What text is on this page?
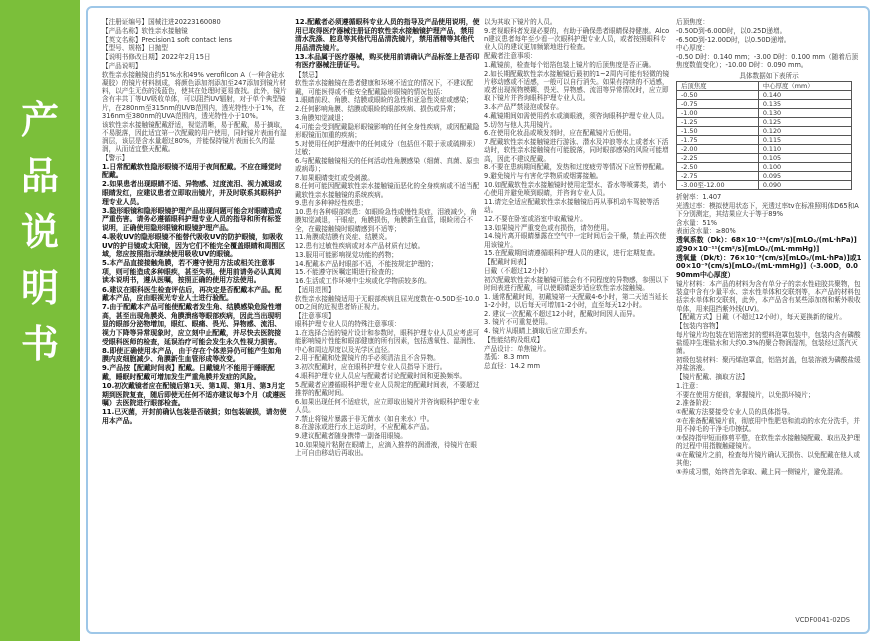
产
品
说
明
书

【注册证编号】国械注进20223160080

【产品名称】软性亲水接触镜

【英文名称】Precision1 soft contact lens

【型号、规格】日抛型

【说明书修改日期】2022年2月15日

【产品说明】

软性亲水接触镜由约51%水和49% verofilcon A（一种含硅水凝胶）的镜片材料制成，将颜色添加剂添加至247添加到镜片材料，以产生无伤的浅蓝色，使其在处理时更易查找。此外，镜片含有丰共丁等UV吸收单体，可以阻挡UV辐射，对于单个典型镜片，在280nm至315nm的UVB范围内，透光特性小于1%，在316nm至380nm的UVA范围内，透光特性小于10%。

该软性亲水接触镜配戴舒适，视觉清晰，易于配戴，易于摘取，不易脱落，因此适宜第一次配戴的用户使用，同时镜片表面有湿润层，该层是含水量超过80%，并能保持镜片表面长久的湿润，从而适宜整天配戴。

【警示】

1.日常配戴软性隐形眼镜不适用于夜间配戴。不应在睡觉时配戴。

2.如果患者出现眼睛不适、异物感、过度流泪、视力减退或眼睛发红，应建议患者立即取出镜片，并及时联系其眼科护理专业人员。

3.隐形眼镜和隐形眼镜护理产品出现问题可能会对眼睛造成严重伤害。请务必遵循眼科护理专业人员的指导和所有标签说明，正确使用隐形眼镜和眼镜护理产品。

4.吸收UV的隐形眼镜不能替代吸收UV的防护眼镜，如吸收UV的护目镜或太阳镜，因为它们不能完全覆盖眼睛和周围区域，您应按照指示继续使用吸收UV的眼镜。

5.本产品直接接触角膜，若不遵守使用方法或相关注意事项，则可能造成多种眼疾，甚至失明。使用前请务必认真阅读本说明书，遵从医嘱，按照正确的使用方法使用。

6.建议在眼科医生检查评估后，再决定是否配戴本产品。配戴本产品，应由眼视光专业人士进行验配。

7.由于配戴本产品可能使配戴者发生角、结膜感染危险性增高，甚至出现角膜炎、角膜溃疡等眼部疾病，因此当出现明显的眼部分泌物增加，眼红、眼痛、畏光、异物感、流泪、视力下降等异常现象时，应立刻中止配戴，并尽快去医院接受眼科医师的检查，延误治疗可能会发生永久性视力损害。

8.即使正确使用本产品，由于存在个体差异仍可能产生如角膜内皮细胞减少、角膜新生血管形成等改变。

9.产品按【配戴时间表】配戴。日戴镜片不能用于睡眠配戴，睡眠时配戴可增加发生严重角膜并发症的风险。

10.初次戴镜者应在配镜后第1天、第1周、第1月、第3月定期到医院复查，随后即使无任何不适亦建议每3个月（或遵医嘱）去医院进行眼部检查。

11.已灭菌，开封前确认包装是否破损；如包装破损，请勿使用本产品。

12.配戴者必须遵循眼科专业人员的指导及产品使用说明，使用已取得医疗器械注册证的软性亲水接触镜护理产品，禁用清水洗涤、腔息等其他代用品清洗镜片，禁用酒精等其他代用品清洗镜片。

13.本品属于医疗器械，购买使用前请确认产品标签上是否印有医疗器械注册证号。

【禁忌】

软性亲水接触镜在患者健康和环境不适宜的情况下，不建议配戴，可能医得或不能安全配戴隐形眼镜的情况包括：

1.眼睛前段、角膜、结膜或眼睑的急性和亚急性炎症或感染；

2.任何影响角膜、结膜或眼睑的眼部疾病、损伤或异常；

3.角膜知觉减退；

4.可能会受到配戴隐形眼镜影响的任何全身性疾病，或因配戴隐形眼镜而加重的疾病；

5.对使用任何护理液中的任何成分（包括但不限于汞或硫柳汞）过敏；

6.与配戴接触镜相关的任何活动性角膜感染（细菌、真菌、原虫或病毒）；

7.如果眼睛变红或受刺激。

8.任何可能因配戴软性亲水接触镜而恶化的全身疾病或不适当配戴软性亲水接触镜的系统疾病。

9.患有多种神经性疾患；

10.患有各种眼部疾患：如眼睑急性或慢性炎症，泪液减少，角膜知觉减退，干眼症，角膜损伤，角膜新生血管，眼睑闭合不全，在戴接触镜时眼睛感到不适等；

11.角膜或结膜有炎症、结膜炎。

12.患有过敏性疾病或对本产品材质有过敏。

13.服用可能影响视觉功能的药物；

14.配戴本产品时眼部不适，不能按规定护理的；

15.不能遵守医嘱定期进行检查的；

16.生活或工作环境中尘埃或化学物质较多的。

【适用范围】

软性亲水接触镜适用于无眼部疾病且屈光度数在-0.50D至-10.00D之间的近视患者矫正视力。

【注意事项】

眼科护理专业人员的特殊注意事项：

1.在选择合适的镜片设计和参数时，眼科护理专业人员应考虑可能影响镜片性能和眼部健康的所有因素，包括透氧性、湿润性、中心和周边厚度以及光学区直径。

2.用于配戴和处置镜片的手必须清洁且不含异物。

3.初次配戴时，应在眼科护理专业人员指导下进行。

4.眼科护理专业人员应与配戴者讨论配戴时间和更换频率。

5.配戴者应遵循眼科护理专业人员规定的配戴时间表，不要超过推荐的配戴时间。

6.如果出现任何不适症状，应立即取出镜片并咨询眼科护理专业人员。

7.禁止将镜片暴露于非无菌水（如自来水）中。

8.在游泳或进行水上运动时，不应配戴本产品。

9.建议配戴者随身携带一副备用眼镜。

10.如果镜片粘附在眼睛上，应滴入推荐的润滑液，待镜片在眼上可自由移动后再取出。

以为其取下镜片的人员。

9.老视眼科者发现必要的，有助于确保患者眼睛保持健康。Alcon建议患者每年至少看一次眼科护理专业人员，或者按照眼科专业人员的建议更加频繁地进行检查。

配戴者注意事项：

1.戴镜前，检查每个铝箔包装上镜片的后顶焦度是否正确。

2.如长期配戴软性亲水接触镜后最初的1~2周内可能有轻微的镜片移动感或不适感，一般可以自行消失。如果有持续的不适感，或者出现视物模糊、畏光、异物感、流泪等异常情况时，应立即取下镜片并咨询眼科护理专业人员。

3.本产品严禁浸泡或保存。

4.戴镜期间如需使用药水或滴眼液，须咨询眼科护理专业人员。

5.切勿与他人共用镜片。

6.在使用化妆品或喷发剂时，应在配戴镜片后使用。

7.配戴软性亲水接触镜进行游泳、潜水及冲浪等水上或者水下活动时，软性亲水接触镜有可能脱落，同时眼部感染的风险可能增高，因此不建议配戴。

8.不要在患病期间配戴，发热和过度疲劳等情况下应暂停配戴。

9.避免镜片与有害化学物质或烟雾接触。

10.如配戴软性亲水接触镜时使用定型水、香水等喷雾类，请小心使用并避免喷到眼睛，并咨询专业人员。

11.请完全适应配戴软性亲水接触镜后再从事机动车驾驶等活动。

12.不要在卧室或浴室中取戴镜片。

13.如果镜片严重变色或有损伤，请勿使用。

14.镜片离开眼睛暴露在空气中一定时间后会干燥，禁止再次使用该镜片。

15.在配戴期间请遵循眼科护理人员的建议，进行定期复查。

【配戴时间表】

日戴（不超过12小时）

初次配戴软性亲水接触镜可能会有不同程度的异物感，参照以下时间表进行配戴，可以使眼睛逐步适应软性亲水接触镜。

1. 通常配戴时间，初戴镜第一天配戴4-6小时，第二天适当延长1-2小时，以后每天可增加1-2小时，直至每天12小时。

2. 建议一次配戴不超过12小时，配戴时间因人而异。

3. 镜片不可重复使用。

4. 镜片从眼睛上摘取后应立即丢弃。

【性能结构及组成】

产品设计：单焦镜片。

基弧：8.3 mm

总直径：14.2 mm

后顶焦度：

-0.50D到-6.00D时，以0.25D递增。

-6.50D到-12.00D时，以0.50D递增。

中心厚度：

-0.50 D时：0.140 mm；-3.00 D时：0.100 mm（随着后顶焦度数值变化）；-10.00 D时：0.090 mm。

具体数据如下表所示
后顶焦度	中心厚度（mm）
-0.50	0.140
-0.75	0.135
-1.00	0.130
-1.25	0.125
-1.50	0.120
-1.75	0.115
-2.00	0.110
-2.25	0.105
-2.50	0.100
-2.75	0.095
-3.00至-12.00	0.090

折射率：1.407

光透过率：模拟使用状态下，光透过率tv在标准照明体D65和A下分别测定，其结果应大于等于89%

含水量：51%

表面含水量：≥80%

透氧系数（Dk）：68×10⁻¹¹(cm²/s)[mLO₂/(mL·hPa)]或90×10⁻¹¹(cm²/s)[mLO₂/(mL·mmHg)]

透氧量（Dk/t）：76×10⁻⁹(cm/s)[mLO₂/(mL·hPa)]或100×10⁻⁹(cm/s)[mLO₂/(mL·mmHg)]（-3.00D，0.090mm中心厚度）

镜片材料：本产品的材料为含有单分子的亲水性硅胶共聚物，包装盒中含有少量平水、亲水性单体和交联剂等，本产品的材料包括亲水单体和交联剂，此外，本产品含有某些添加剂和紫外吸收单体，用来阻挡紫外线(UV)。

【配戴方式】日戴（不超过12小时），每天更换新的镜片。

【包装内容物】

每片镜片均包装在铝箔密封的塑料泡罩包装中，包装内含有磷酸盐缓冲生理盐水和大约0.3%的聚合物润湿剂，包装经过蒸汽灭菌。

初级包装材料：聚丙烯泡罩盒，铝箔封盖，包装溶液为磷酸盐缓冲盐溶液。

【镜片配戴、摘取方法】

1.注意：

不要在使用方便前，掌握镜片，以免损坏镜片；

2.准备阶段：

①配戴方法要接受专业人员的具体指导。

②在准备配戴镜片前，彻底用中性肥皂和流动的水充分洗手，并用不掉毛的干净毛巾擦拭。

③保持指甲短而修剪平整，在软性亲水接触镜配戴、取出及护理的过程中用指腹触碰镜片。

④在戴镜片之前，检查每片镜片确认无损伤、以免配戴在他人或其他；

⑤养成习惯，始终首先拿取、戴上同一侧镜片，避免混淆。

VCDF0041-02DS
